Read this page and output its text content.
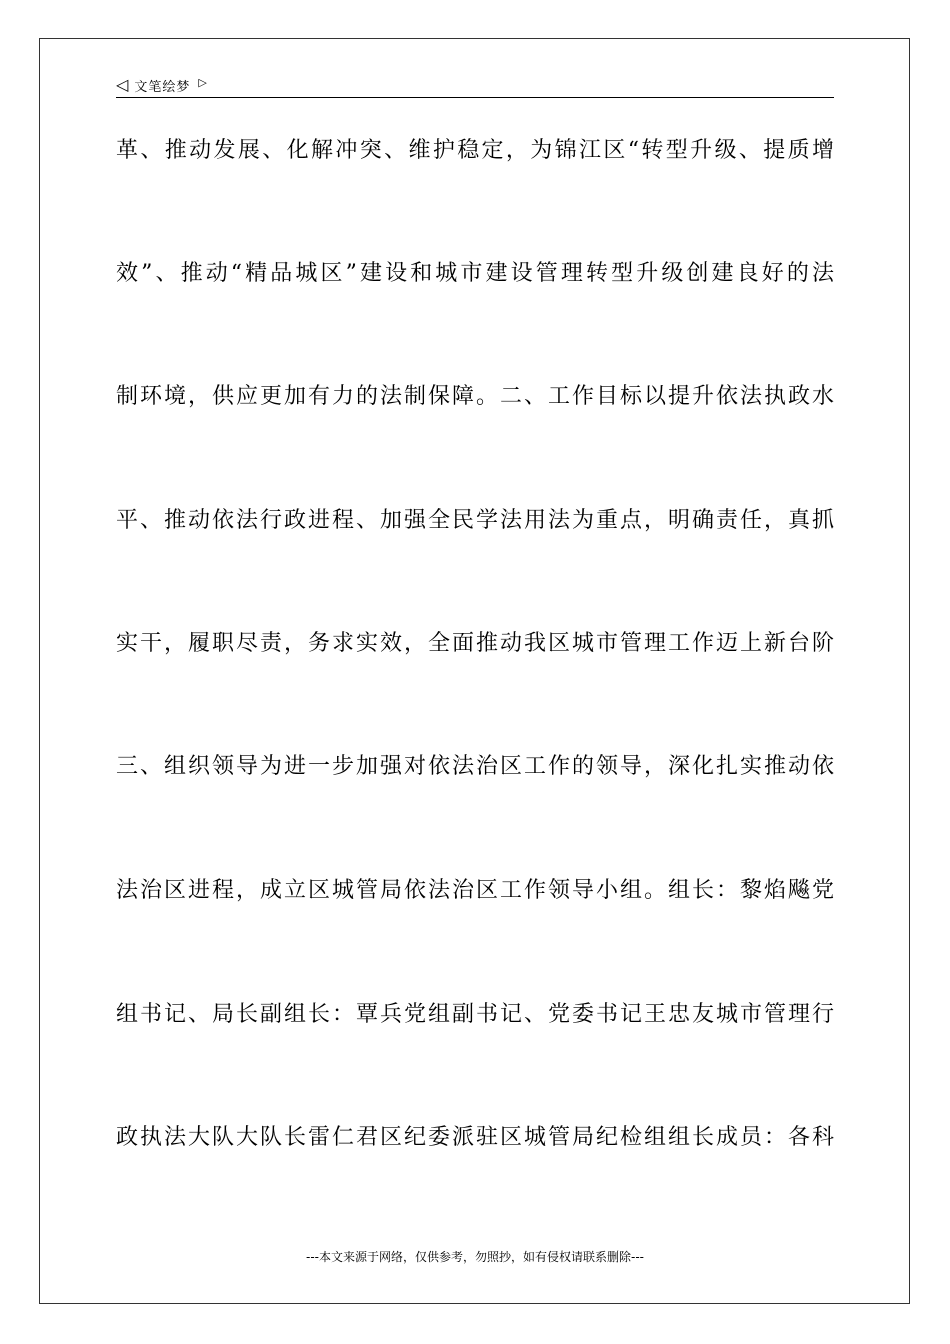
◁ 文笔绘梦 ▷
革、推动发展、化解冲突、维护稳定，为锦江区“转型升级、提质增
效”、推动“精品城区”建设和城市建设管理转型升级创建良好的法
制环境，供应更加有力的法制保障。二、工作目标以提升依法执政水
平、推动依法行政进程、加强全民学法用法为重点，明确责任，真抓
实干，履职尽责，务求实效，全面推动我区城市管理工作迈上新台阶
三、组织领导为进一步加强对依法治区工作的领导，深化扎实推动依
法治区进程，成立区城管局依法治区工作领导小组。组长：黎焰飚党
组书记、局长副组长：覃兵党组副书记、党委书记王忠友城市管理行
政执法大队大队长雷仁君区纪委派驻区城管局纪检组组长成员：各科
---本文来源于网络，仅供参考，勿照抄，如有侵权请联系删除---
